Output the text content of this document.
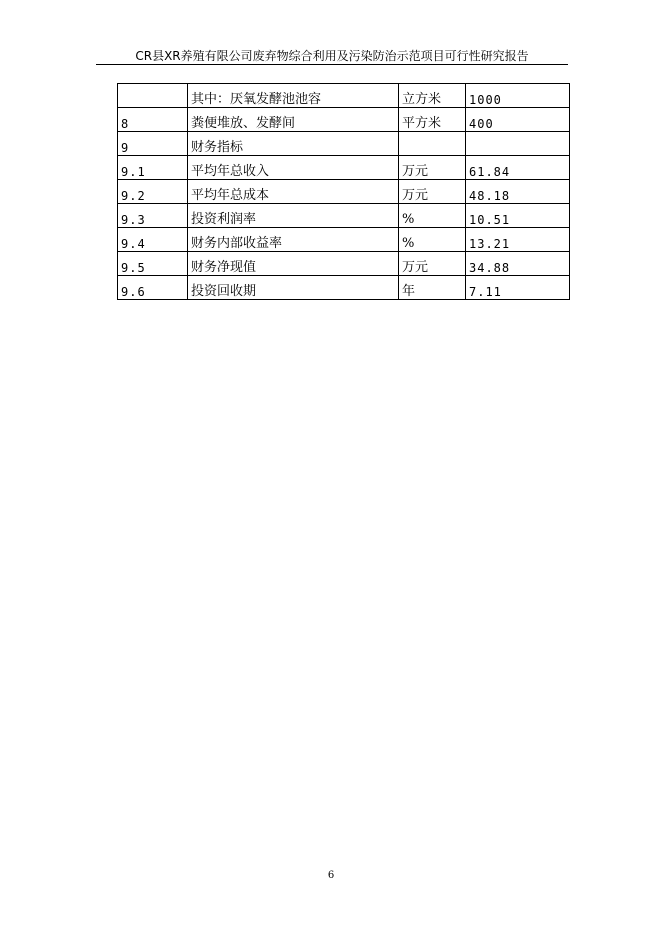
CR县XR养殖有限公司废弃物综合利用及污染防治示范项目可行性研究报告
	其中：厌氧发酵池池容	立方米	1000
8	粪便堆放、发酵间	平方米	400
9	财务指标		
9.1	平均年总收入	万元	61.84
9.2	平均年总成本	万元	48.18
9.3	投资利润率	%	10.51
9.4	财务内部收益率	%	13.21
9.5	财务净现值	万元	34.88
9.6	投资回收期	年	7.11
6
